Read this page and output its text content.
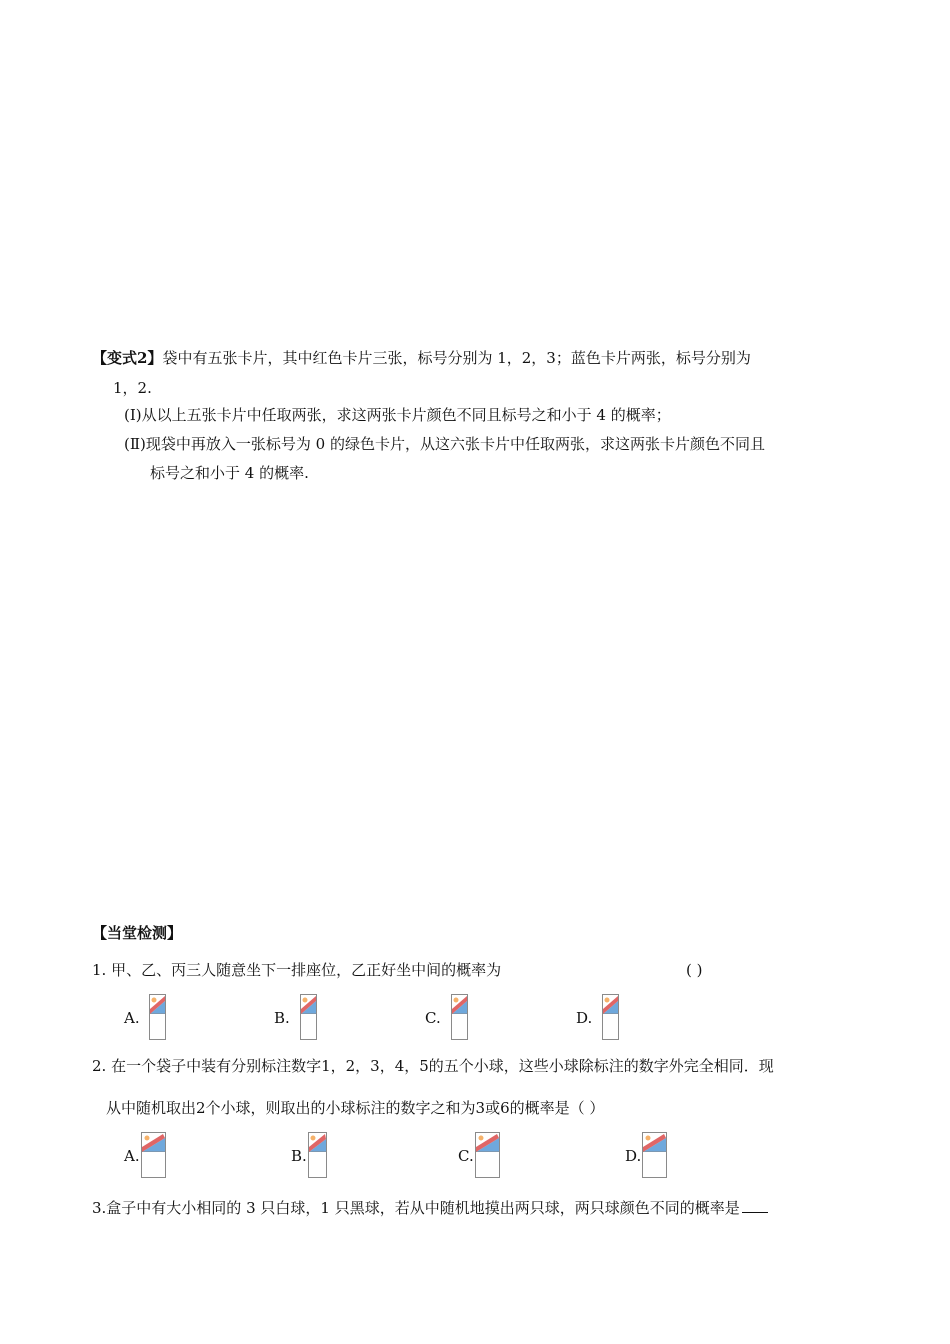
【变式2】袋中有五张卡片，其中红色卡片三张，标号分别为 1，2，3；蓝色卡片两张，标号分别为
1，2.
(Ⅰ)从以上五张卡片中任取两张，求这两张卡片颜色不同且标号之和小于 4 的概率；
(Ⅱ)现袋中再放入一张标号为 0 的绿色卡片，从这六张卡片中任取两张，求这两张卡片颜色不同且
标号之和小于 4 的概率.
【当堂检测】
1. 甲、乙、丙三人随意坐下一排座位，乙正好坐中间的概率为	( )
A.	B.	C.	D.
2. 在一个袋子中装有分别标注数字1，2，3，4，5的五个小球，这些小球除标注的数字外完全相同．现
从中随机取出2个小球，则取出的小球标注的数字之和为3或6的概率是（ ）
A.	B.	C.	D.
3.盒子中有大小相同的 3 只白球，1 只黑球，若从中随机地摸出两只球，两只球颜色不同的概率是
